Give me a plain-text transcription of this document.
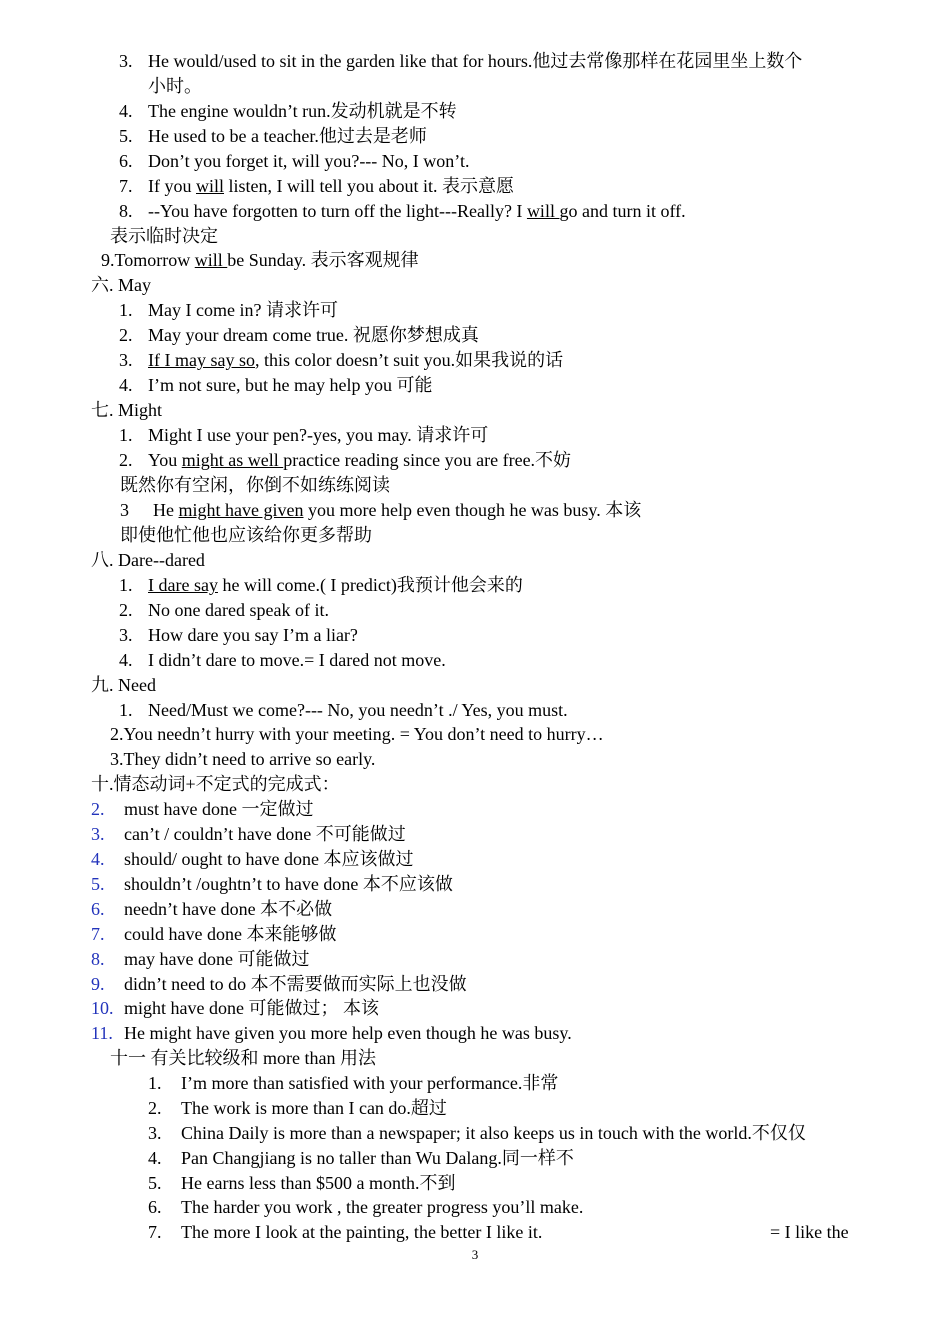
3. He would/used to sit in the garden like that for hours.他过去常像那样在花园里坐上数个
小时。
4. The engine wouldn’t run.发动机就是不转
5. He used to be a teacher.他过去是老师
6. Don’t you forget it, will you?--- No, I won’t.
7. If you will listen, I will tell you about it. 表示意愿
8. --You have forgotten to turn off the light---Really? I will go and turn it off.
表示临时决定
9.Tomorrow will be Sunday. 表示客观规律
六. May
1. May I come in? 请求许可
2. May your dream come true. 祝愿你梦想成真
3. If I may say so, this color doesn’t suit you.如果我说的话
4. I’m not sure, but he may help you 可能
七. Might
1. Might I use your pen?-yes, you may. 请求许可
2. You might as well practice reading since you are free.不妨
既然你有空闲，你倒不如练练阅读
3 He might have given you more help even though he was busy. 本该
即使他忙他也应该给你更多帮助
八. Dare--dared
1. I dare say he will come.( I predict)我预计他会来的
2. No one dared speak of it.
3. How dare you say I’m a liar?
4. I didn’t dare to move.= I dared not move.
九. Need
1. Need/Must we come?--- No, you needn’t ./ Yes, you must.
2.You needn’t hurry with your meeting. = You don’t need to hurry…
3.They didn’t need to arrive so early.
十.情态动词+不定式的完成式：
2. must have done 一定做过
3. can’t / couldn’t have done 不可能做过
4. should/ ought to have done 本应该做过
5. shouldn’t /oughtn’t to have done 本不应该做
6. needn’t have done 本不必做
7. could have done 本来能够做
8. may have done 可能做过
9. didn’t need to do 本不需要做而实际上也没做
10. might have done 可能做过； 本该
11. He might have given you more help even though he was busy.
十一 有关比较级和 more than 用法
1. I’m more than satisfied with your performance.非常
2. The work is more than I can do.超过
3. China Daily is more than a newspaper; it also keeps us in touch with the world.不仅仅
4. Pan Changjiang is no taller than Wu Dalang.同一样不
5. He earns less than $500 a month.不到
6. The harder you work , the greater progress you’ll make.
7. The more I look at the painting, the better I like it.	= I like the
3
